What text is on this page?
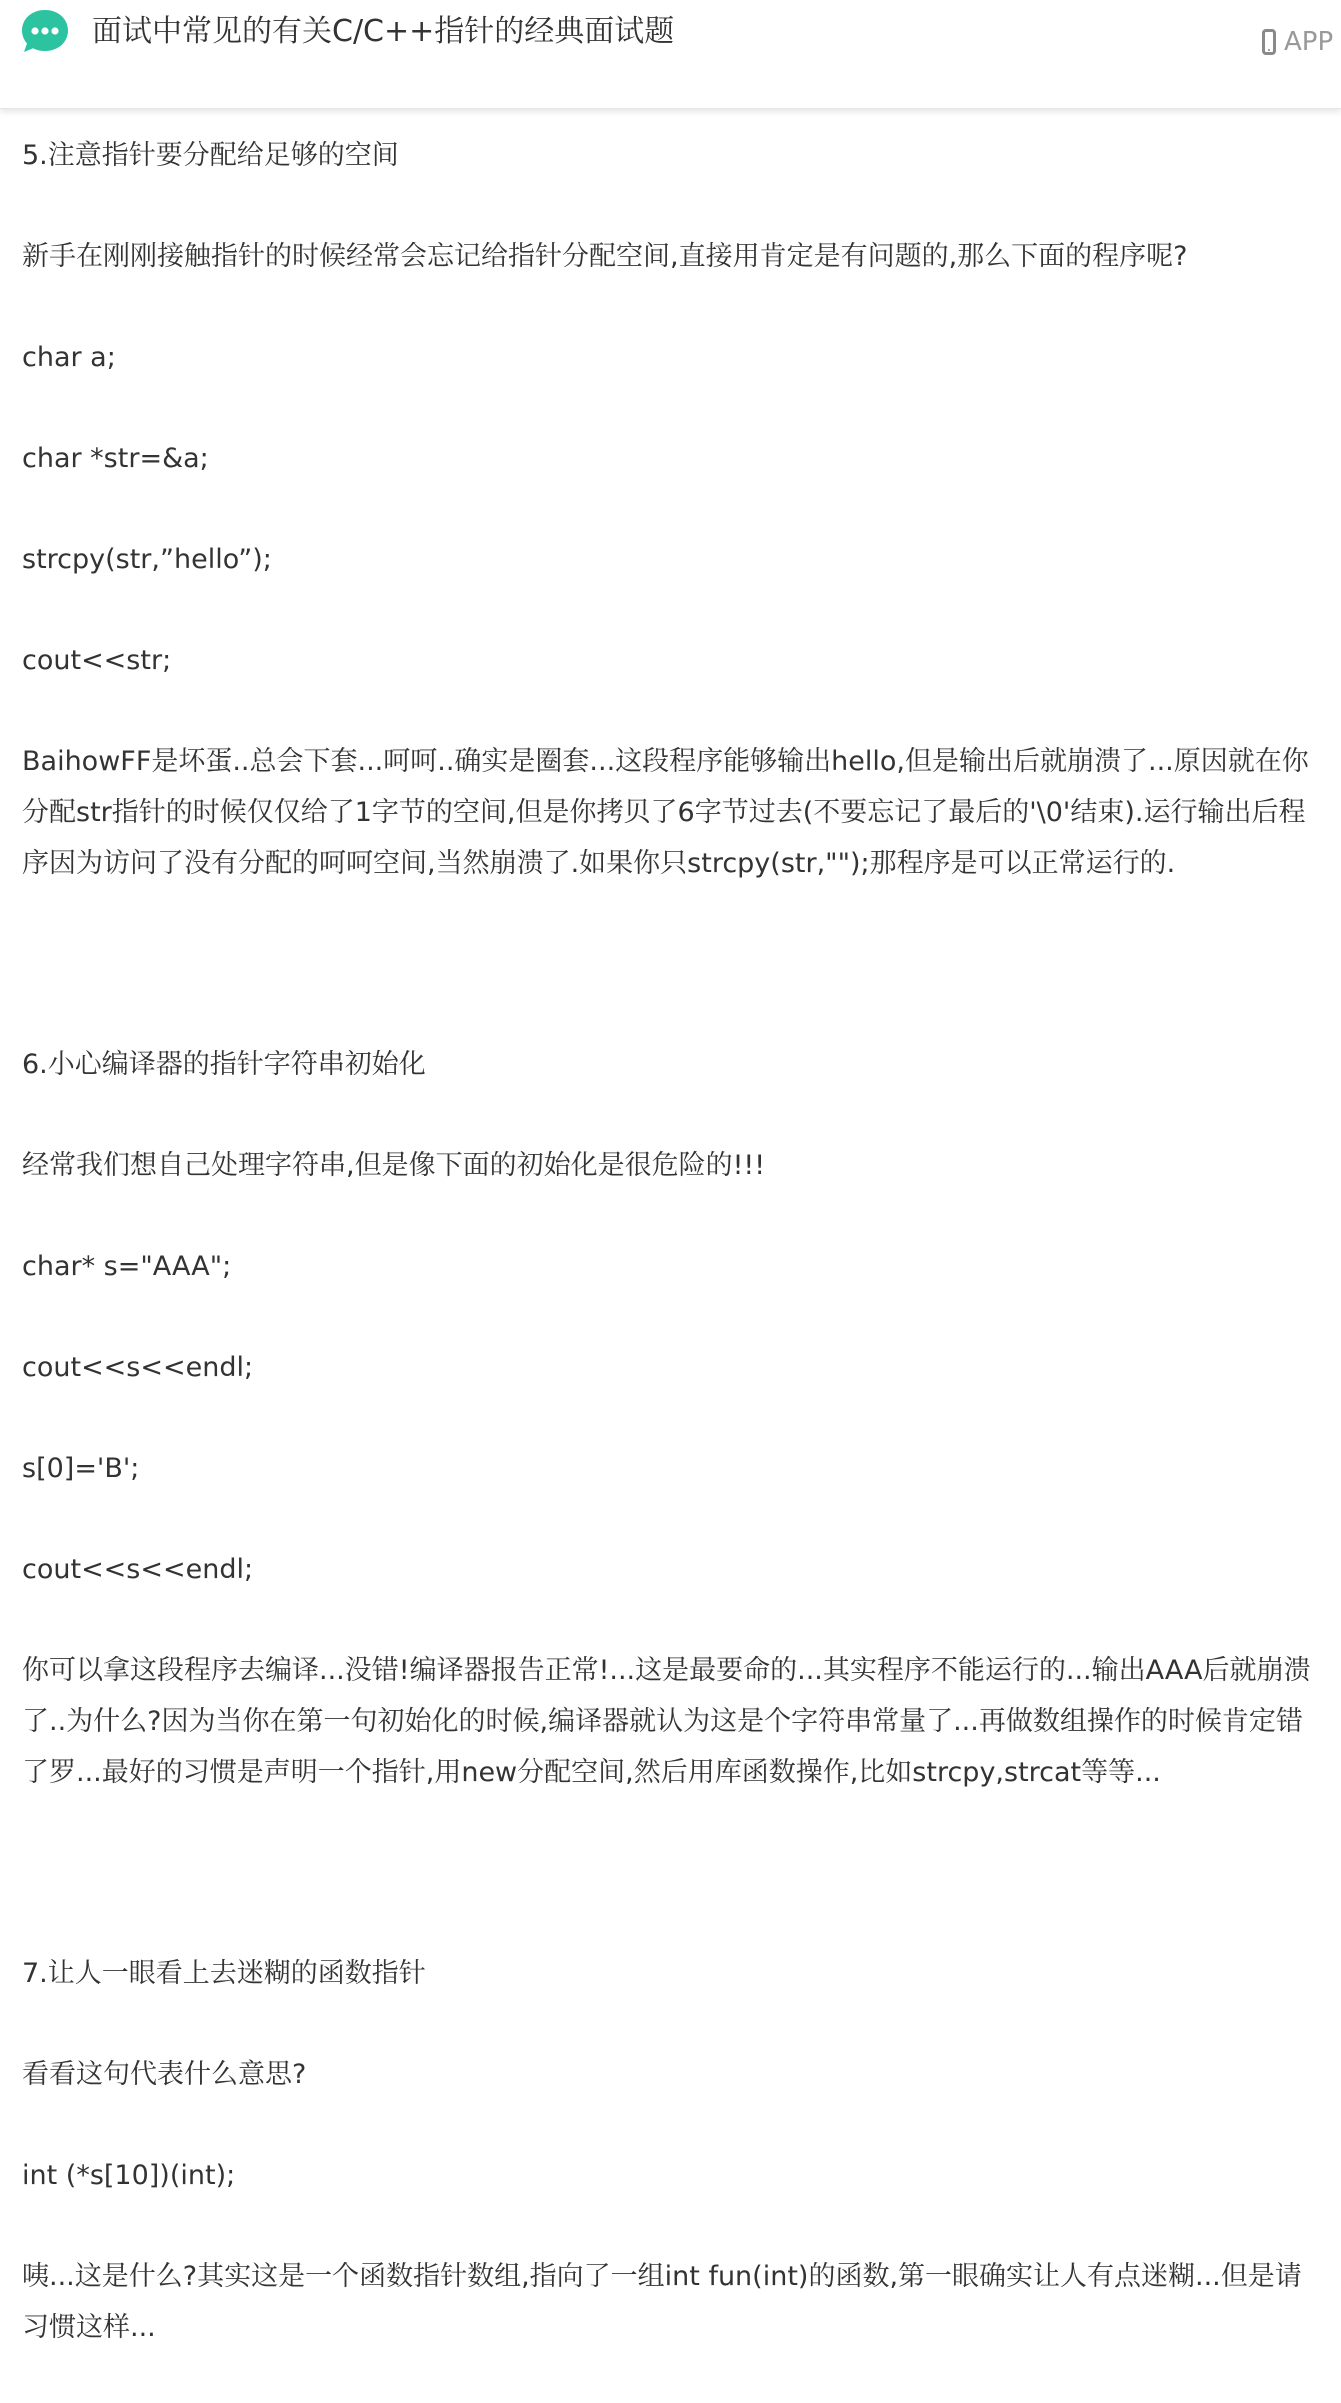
面试中常见的有关C/C++指针的经典面试题	APP

5.注意指针要分配给足够的空间

新手在刚刚接触指针的时候经常会忘记给指针分配空间,直接用肯定是有问题的,那么下面的程序呢?

char a;

char *str=&a;

strcpy(str,”hello”);

cout<<str;

BaihowFF是坏蛋..总会下套...呵呵..确实是圈套...这段程序能够输出hello,但是输出后就崩溃了...原因就在你分配str指针的时候仅仅给了1字节的空间,但是你拷贝了6字节过去(不要忘记了最后的'\0'结束).运行输出后程序因为访问了没有分配的呵呵空间,当然崩溃了.如果你只strcpy(str,"");那程序是可以正常运行的.

6.小心编译器的指针字符串初始化

经常我们想自己处理字符串,但是像下面的初始化是很危险的!!!

char* s="AAA";

cout<<s<<endl;

s[0]='B';

cout<<s<<endl;

你可以拿这段程序去编译...没错!编译器报告正常!...这是最要命的...其实程序不能运行的...输出AAA后就崩溃了..为什么?因为当你在第一句初始化的时候,编译器就认为这是个字符串常量了...再做数组操作的时候肯定错了罗...最好的习惯是声明一个指针,用new分配空间,然后用库函数操作,比如strcpy,strcat等等...

7.让人一眼看上去迷糊的函数指针

看看这句代表什么意思?

int (*s[10])(int);

咦...这是什么?其实这是一个函数指针数组,指向了一组int fun(int)的函数,第一眼确实让人有点迷糊...但是请习惯这样...
